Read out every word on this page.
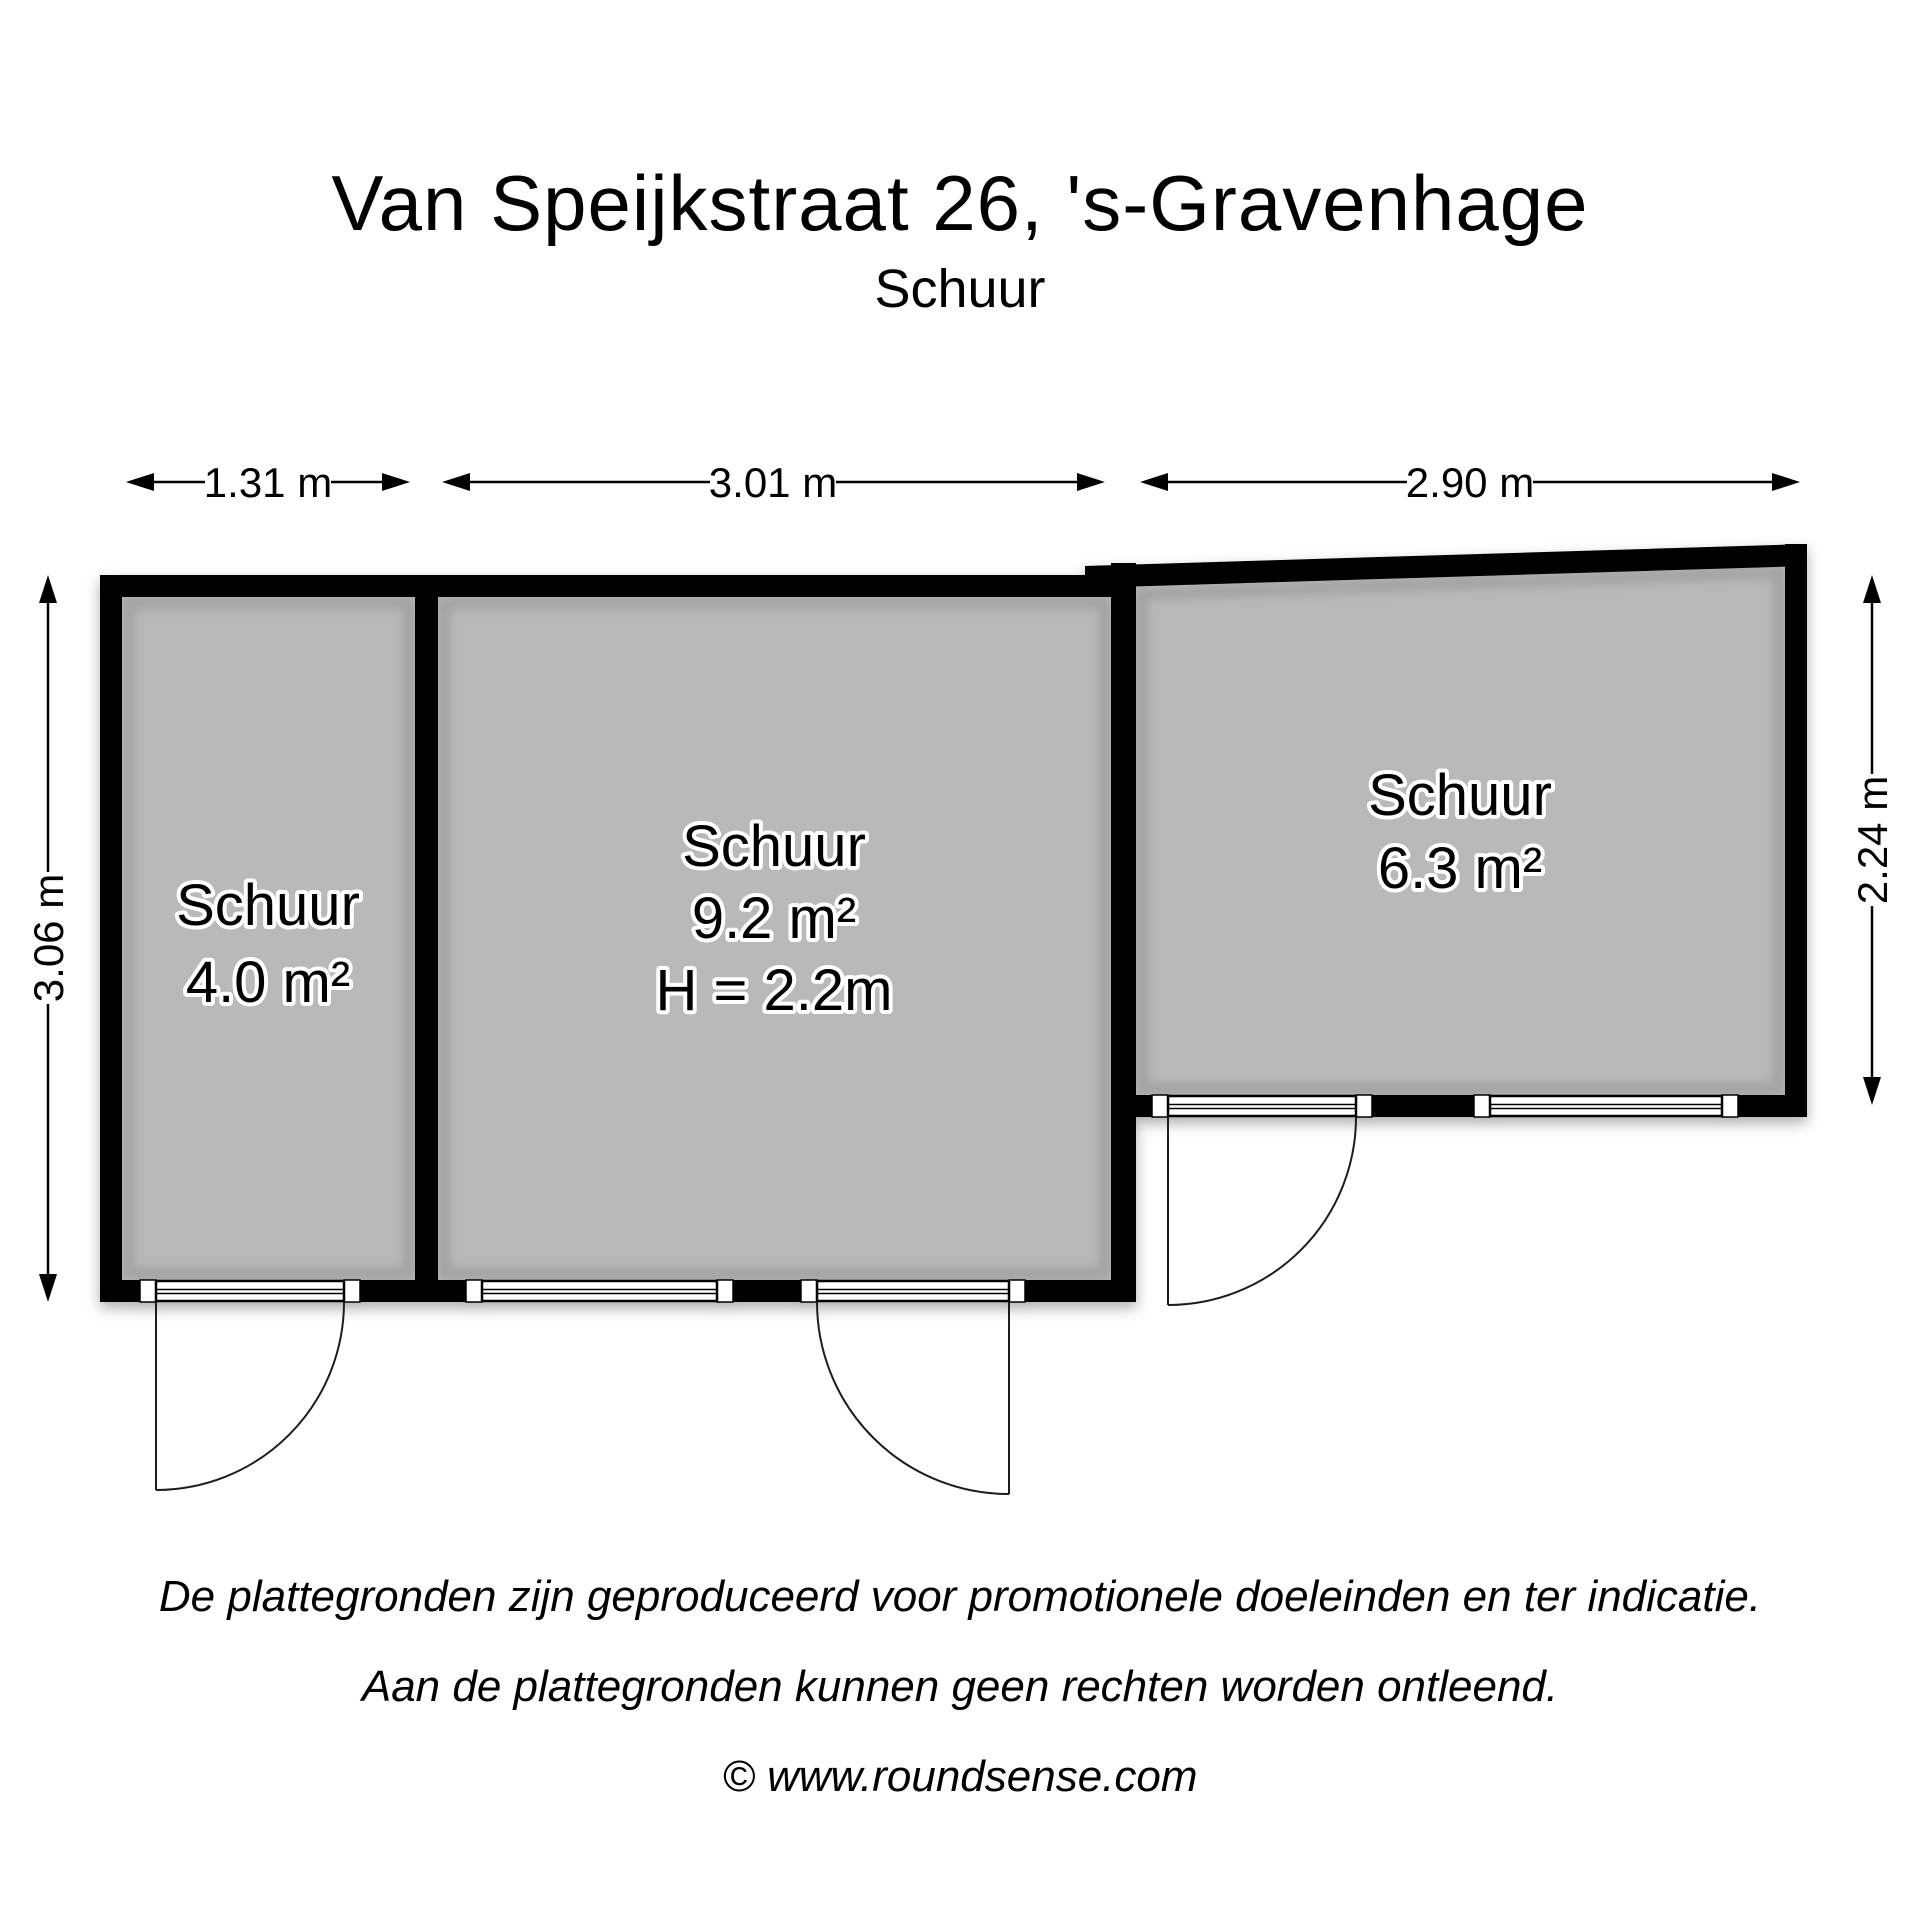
Van Speijkstraat 26, 's-Gravenhage
Schuur
1.31 m	3.01 m	2.90 m
3.06 m
2.24 m
Schuur
4.0 m²
Schuur
9.2 m²
H = 2.2m
Schuur
6.3 m²
De plattegronden zijn geproduceerd voor promotionele doeleinden en ter indicatie.
Aan de plattegronden kunnen geen rechten worden ontleend.
© www.roundsense.com
